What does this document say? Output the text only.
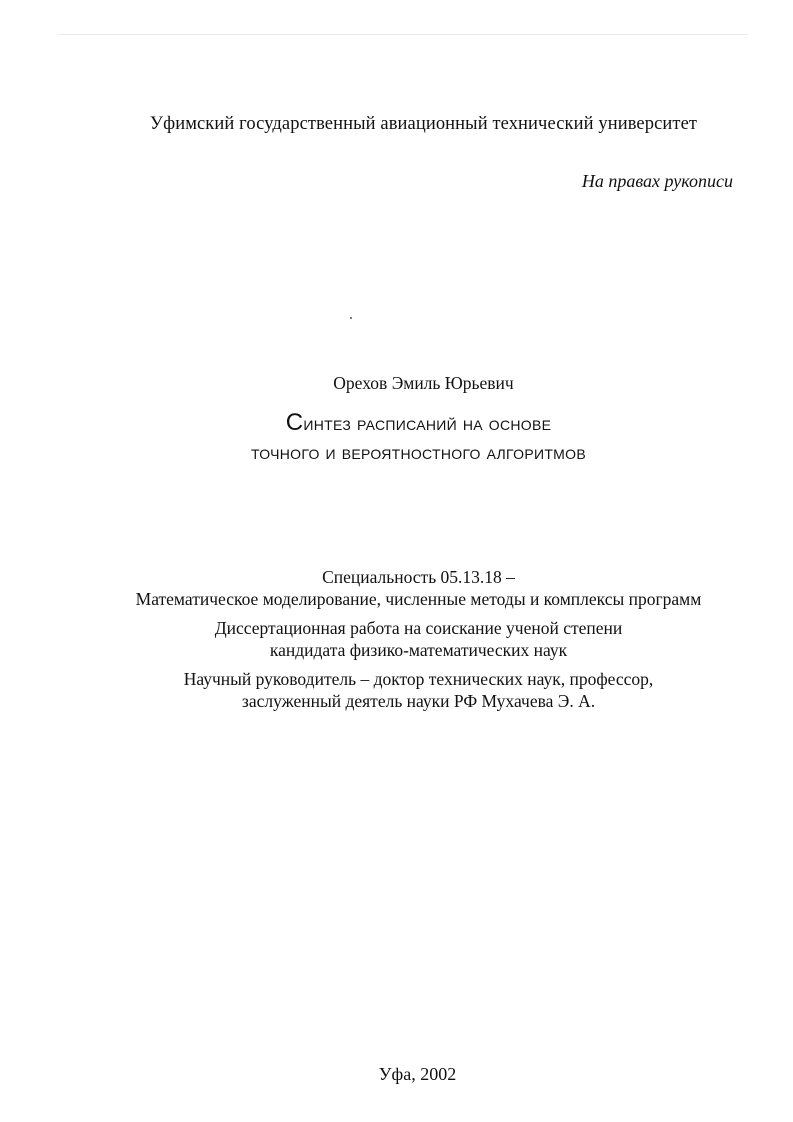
Уфимский государственный авиационный технический университет
На правах рукописи
Орехов Эмиль Юрьевич
Синтез расписаний на основе
точного и вероятностного алгоритмов

Специальность 05.13.18 –
Математическое моделирование, численные методы и комплексы программ

Диссертационная работа на соискание ученой степени
кандидата физико-математических наук

Научный руководитель – доктор технических наук, профессор,
заслуженный деятель науки РФ Мухачева Э. А.

Уфа, 2002
